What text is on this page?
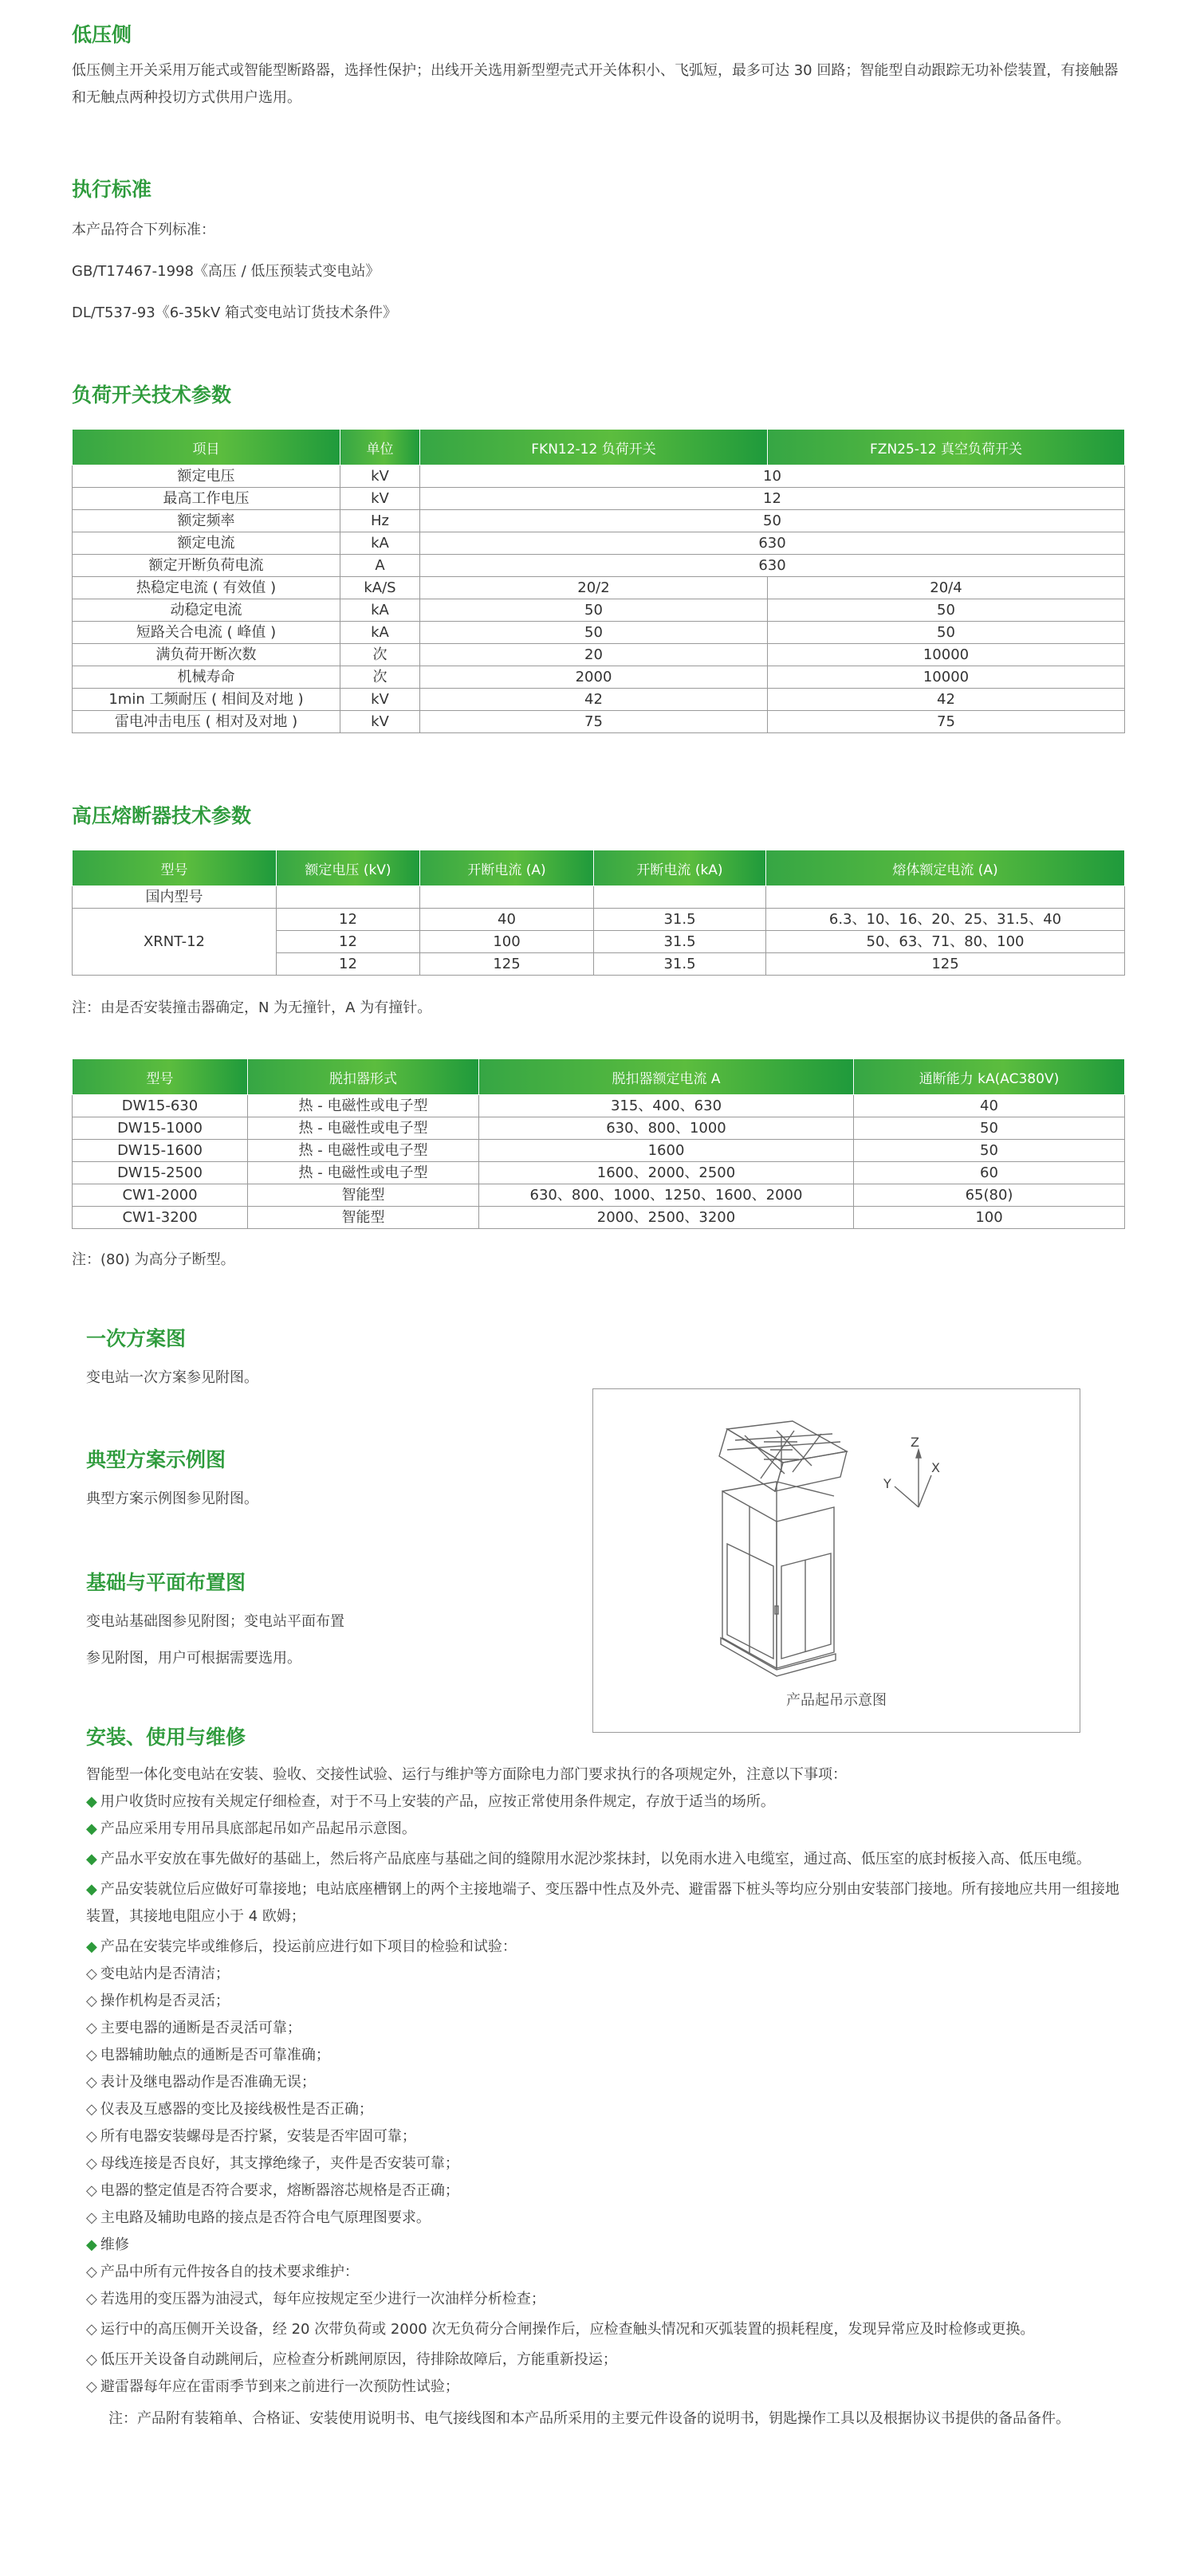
低压侧

低压侧主开关采用万能式或智能型断路器，选择性保护；出线开关选用新型塑壳式开关体积小、飞弧短，最多可达 30 回路；智能型自动跟踪无功补偿装置，有接触器和无触点两种投切方式供用户选用。

执行标准

本产品符合下列标准：

GB/T17467-1998《高压 / 低压预装式变电站》

DL/T537-93《6-35kV 箱式变电站订货技术条件》

负荷开关技术参数
项目	单位	FKN12-12 负荷开关	FZN25-12 真空负荷开关
额定电压	kV	10	
最高工作电压	kV	12	
额定频率	Hz	50	
额定电流	kA	630	
额定开断负荷电流	A	630	
热稳定电流 ( 有效值 )	kA/S	20/2	20/4
动稳定电流	kA	50	50
短路关合电流 ( 峰值 )	kA	50	50
满负荷开断次数	次	20	10000
机械寿命	次	2000	10000
1min 工频耐压 ( 相间及对地 )	kV	42	42
雷电冲击电压 ( 相对及对地 )	kV	75	75
高压熔断器技术参数
型号	额定电压 (kV)	开断电流 (A)	开断电流 (kA)	熔体额定电流 (A)
国内型号				
XRNT-12	12	40	31.5	6.3、10、16、20、25、31.5、40
	12	100	31.5	50、63、71、80、100
	12	125	31.5	125

注：由是否安装撞击器确定，N 为无撞针，A 为有撞针。

型号	脱扣器形式	脱扣器额定电流 A	通断能力 kA(AC380V)
DW15-630	热 - 电磁性或电子型	315、400、630	40
DW15-1000	热 - 电磁性或电子型	630、800、1000	50
DW15-1600	热 - 电磁性或电子型	1600	50
DW15-2500	热 - 电磁性或电子型	1600、2000、2500	60
CW1-2000	智能型	630、800、1000、1250、1600、2000	65(80)
CW1-3200	智能型	2000、2500、3200	100

注：(80) 为高分子断型。

一次方案图

变电站一次方案参见附图。

典型方案示例图

典型方案示例图参见附图。

基础与平面布置图

变电站基础图参见附图；变电站平面布置

参见附图，用户可根据需要选用。

Z
Y
X
产品起吊示意图
安装、使用与维修

智能型一体化变电站在安装、验收、交接性试验、运行与维护等方面除电力部门要求执行的各项规定外，注意以下事项：

◆ 用户收货时应按有关规定仔细检查，对于不马上安装的产品，应按正常使用条件规定，存放于适当的场所。

◆ 产品应采用专用吊具底部起吊如产品起吊示意图。

◆ 产品水平安放在事先做好的基础上，然后将产品底座与基础之间的缝隙用水泥沙浆抹封，以免雨水进入电缆室，通过高、低压室的底封板接入高、低压电缆。

◆ 产品安装就位后应做好可靠接地；电站底座槽钢上的两个主接地端子、变压器中性点及外壳、避雷器下桩头等均应分别由安装部门接地。所有接地应共用一组接地装置，其接地电阻应小于 4 欧姆；

◆ 产品在安装完毕或维修后，投运前应进行如下项目的检验和试验：

◇ 变电站内是否清洁；

◇ 操作机构是否灵活；

◇ 主要电器的通断是否灵活可靠；

◇ 电器辅助触点的通断是否可靠准确；

◇ 表计及继电器动作是否准确无误；

◇ 仪表及互感器的变比及接线极性是否正确；

◇ 所有电器安装螺母是否拧紧，安装是否牢固可靠；

◇ 母线连接是否良好，其支撑绝缘子，夹件是否安装可靠；

◇ 电器的整定值是否符合要求，熔断器溶芯规格是否正确；

◇ 主电路及辅助电路的接点是否符合电气原理图要求。

◆ 维修

◇ 产品中所有元件按各自的技术要求维护：

◇ 若选用的变压器为油浸式，每年应按规定至少进行一次油样分析检查；

◇ 运行中的高压侧开关设备，经 20 次带负荷或 2000 次无负荷分合闸操作后，应检查触头情况和灭弧装置的损耗程度，发现异常应及时检修或更换。

◇ 低压开关设备自动跳闸后，应检查分析跳闸原因，待排除故障后，方能重新投运；

◇ 避雷器每年应在雷雨季节到来之前进行一次预防性试验；

注：产品附有装箱单、合格证、安装使用说明书、电气接线图和本产品所采用的主要元件设备的说明书，钥匙操作工具以及根据协议书提供的备品备件。
